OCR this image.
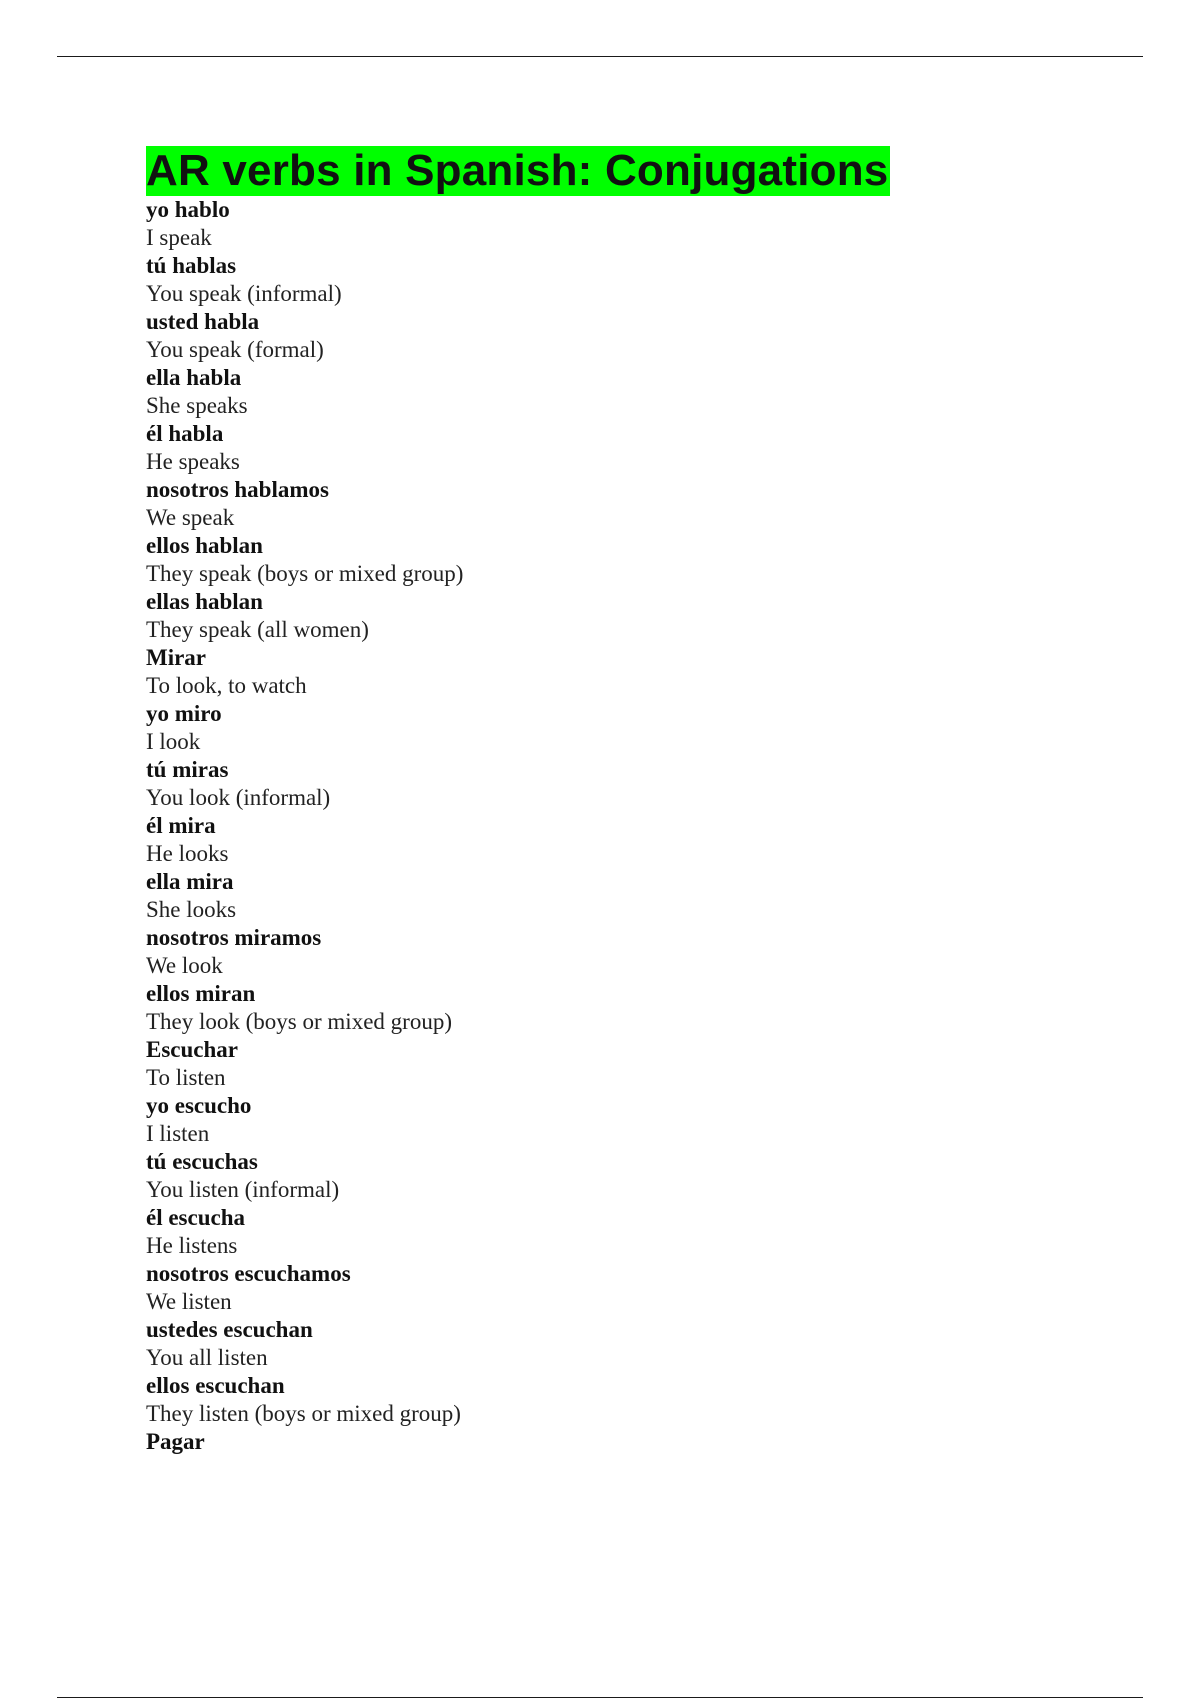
AR verbs in Spanish: Conjugations
yo hablo
I speak
tú hablas
You speak (informal)
usted habla
You speak (formal)
ella habla
She speaks
él habla
He speaks
nosotros hablamos
We speak
ellos hablan
They speak (boys or mixed group)
ellas hablan
They speak (all women)
Mirar
To look, to watch
yo miro
I look
tú miras
You look (informal)
él mira
He looks
ella mira
She looks
nosotros miramos
We look
ellos miran
They look (boys or mixed group)
Escuchar
To listen
yo escucho
I listen
tú escuchas
You listen (informal)
él escucha
He listens
nosotros escuchamos
We listen
ustedes escuchan
You all listen
ellos escuchan
They listen (boys or mixed group)
Pagar
